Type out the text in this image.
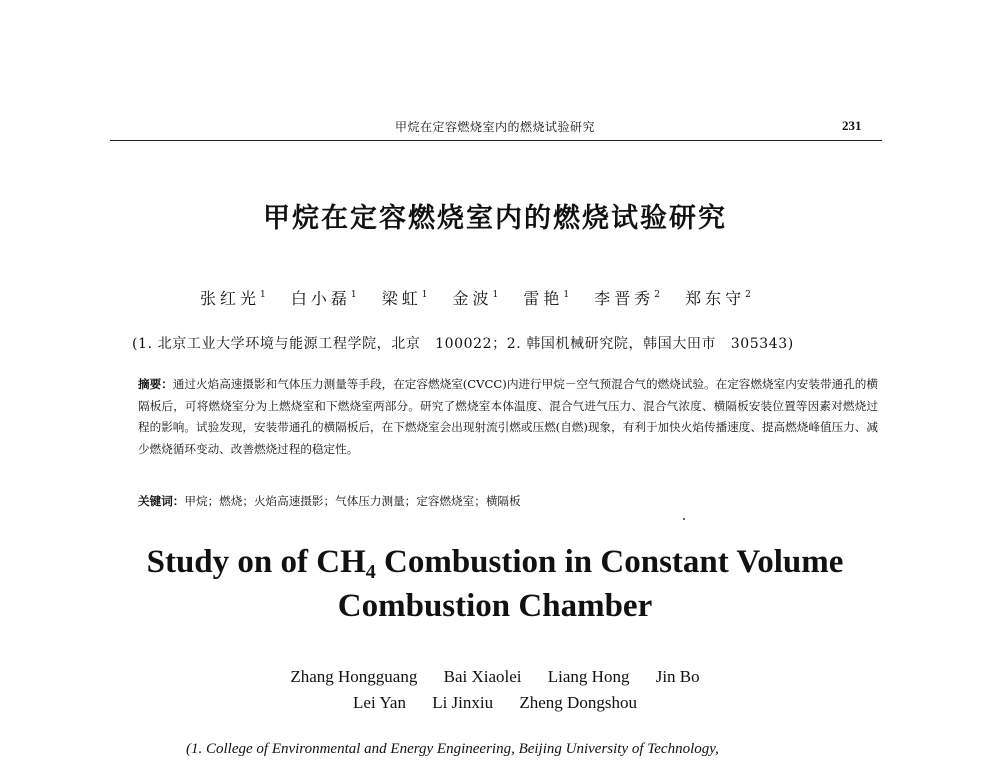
甲烷在定容燃烧室内的燃烧试验研究	231
甲烷在定容燃烧室内的燃烧试验研究
张红光$^1$ 白小磊$^1$ 梁虹$^1$ 金波$^1$ 雷艳$^1$ 李晋秀$^2$ 郑东守$^2$
(1. 北京工业大学环境与能源工程学院，北京　100022；2. 韩国机械研究院，韩国大田市　305343)
摘要：通过火焰高速摄影和气体压力测量等手段，在定容燃烧室(CVCC)内进行甲烷－空气预混合气的燃烧试验。在定容燃烧室内安装带通孔的横隔板后，可将燃烧室分为上燃烧室和下燃烧室两部分。研究了燃烧室本体温度、混合气进气压力、混合气浓度、横隔板安装位置等因素对燃烧过程的影响。试验发现，安装带通孔的横隔板后，在下燃烧室会出现射流引燃或压燃(自燃)现象，有利于加快火焰传播速度、提高燃烧峰值压力、减少燃烧循环变动、改善燃烧过程的稳定性。
关键词：甲烷；燃烧；火焰高速摄影；气体压力测量；定容燃烧室；横隔板
Study on of $CH_4$ Combustion in Constant Volume
Combustion Chamber
Zhang Hongguang Bai Xiaolei Liang Hong Jin Bo
Lei Yan Li Jinxiu Zheng Dongshou
(1. College of Environmental and Energy Engineering, Beijing University of Technology,
